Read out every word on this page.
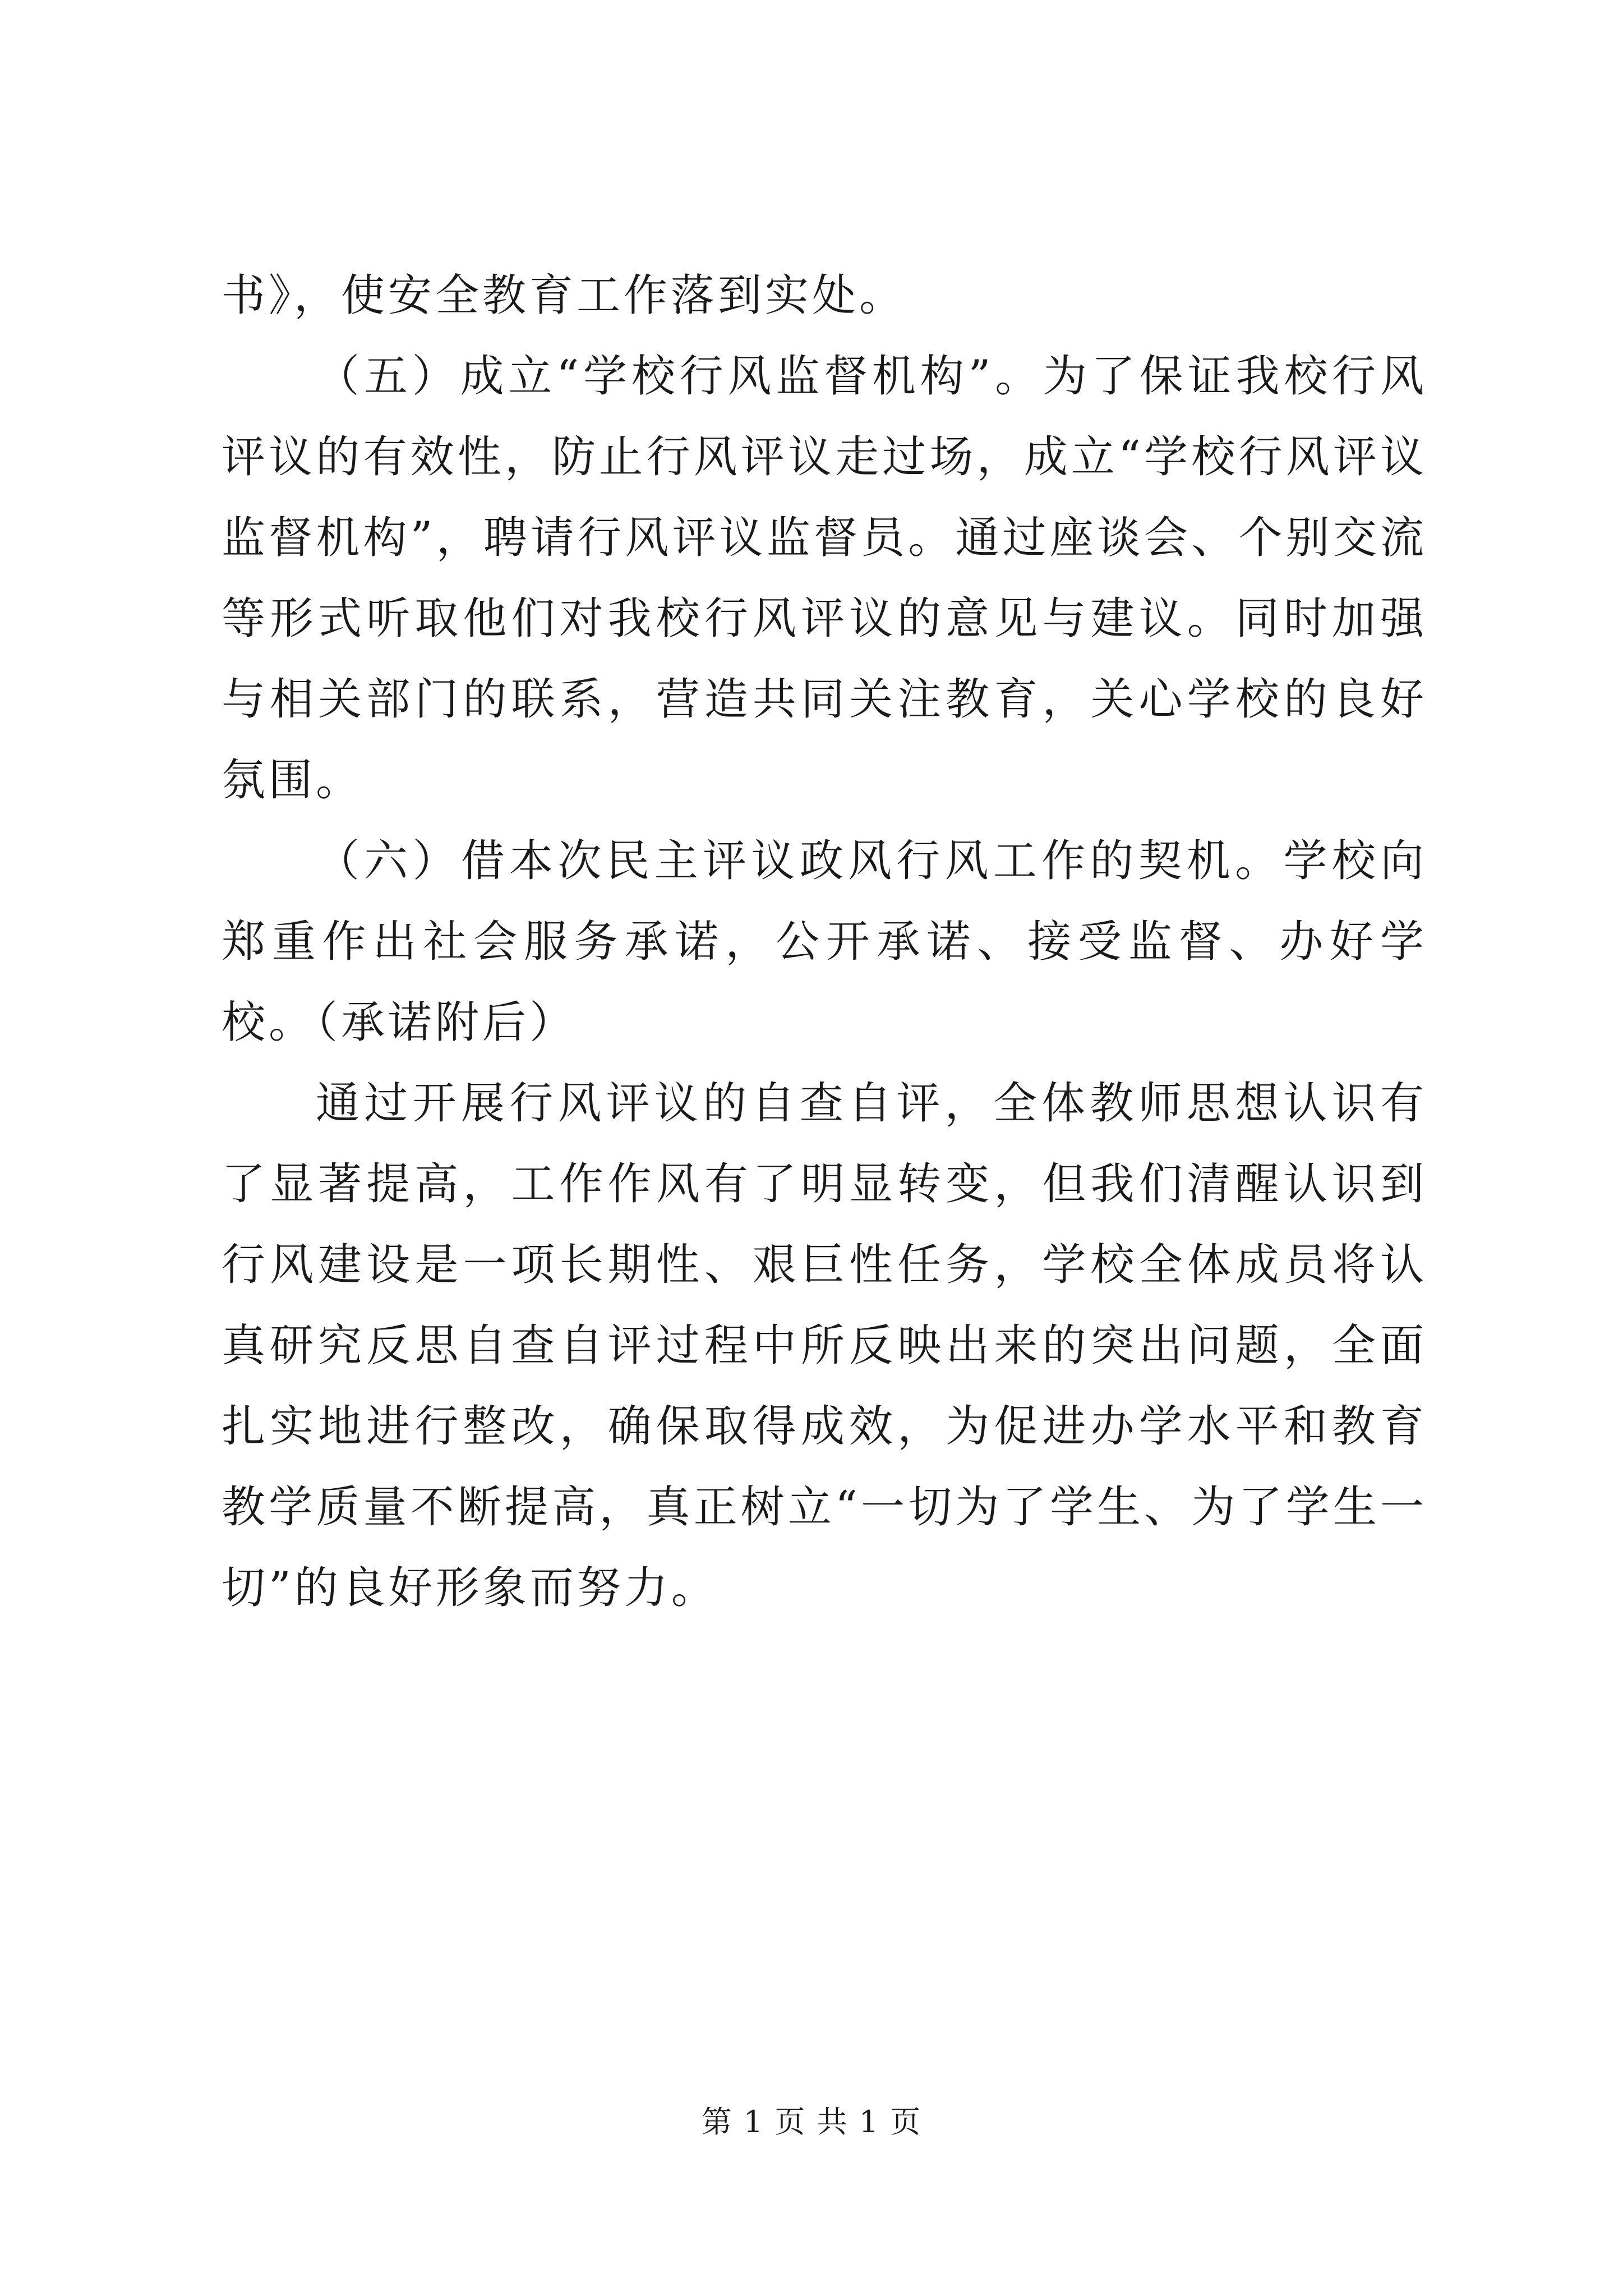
书》，使安全教育工作落到实处。

（五）成立“学校行风监督机构”。为了保证我校行风评议的有效性，防止行风评议走过场，成立“学校行风评议监督机构”，聘请行风评议监督员。通过座谈会、个别交流等形式听取他们对我校行风评议的意见与建议。同时加强与相关部门的联系，营造共同关注教育，关心学校的良好氛围。

（六）借本次民主评议政风行风工作的契机。学校向郑重作出社会服务承诺，公开承诺、接受监督、办好学校。（承诺附后）

通过开展行风评议的自查自评，全体教师思想认识有了显著提高，工作作风有了明显转变，但我们清醒认识到行风建设是一项长期性、艰巨性任务，学校全体成员将认真研究反思自查自评过程中所反映出来的突出问题，全面扎实地进行整改，确保取得成效，为促进办学水平和教育教学质量不断提高，真正树立“一切为了学生、为了学生一切”的良好形象而努力。

第 1 页 共 1 页
